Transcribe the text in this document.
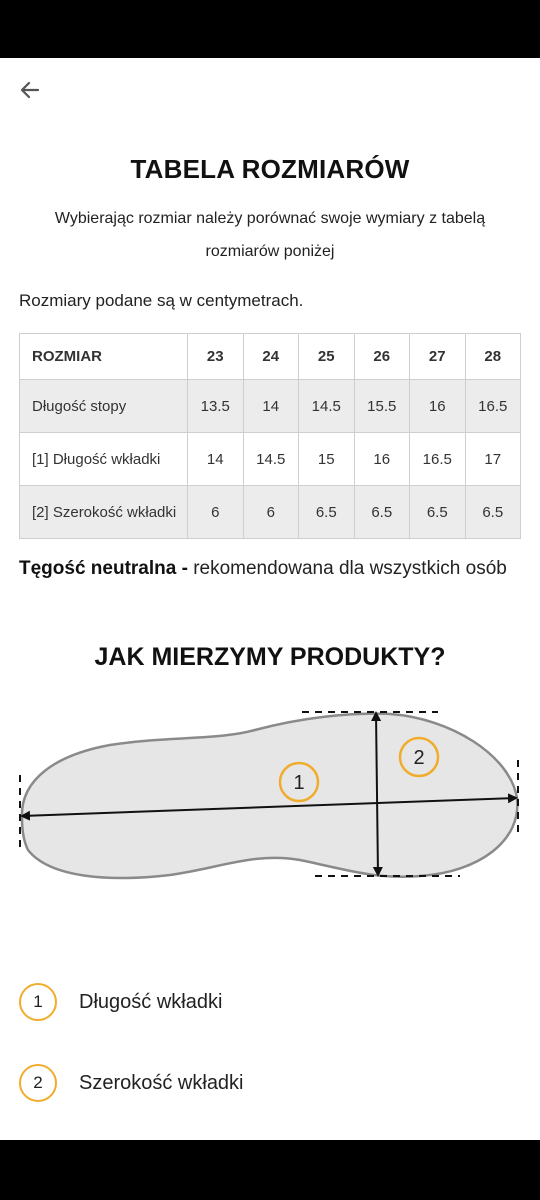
TABELA ROZMIARÓW
Wybierając rozmiar należy porównać swoje wymiary z tabelą rozmiarów poniżej
Rozmiary podane są w centymetrach.
ROZMIAR	23	24	25	26	27	28
Długość stopy	13.5	14	14.5	15.5	16	16.5
[1] Długość wkładki	14	14.5	15	16	16.5	17
[2] Szerokość wkładki	6	6	6.5	6.5	6.5	6.5
Tęgość neutralna - rekomendowana dla wszystkich osób
JAK MIERZYMY PRODUKTY?
1
2
1	Długość wkładki
2	Szerokość wkładki
